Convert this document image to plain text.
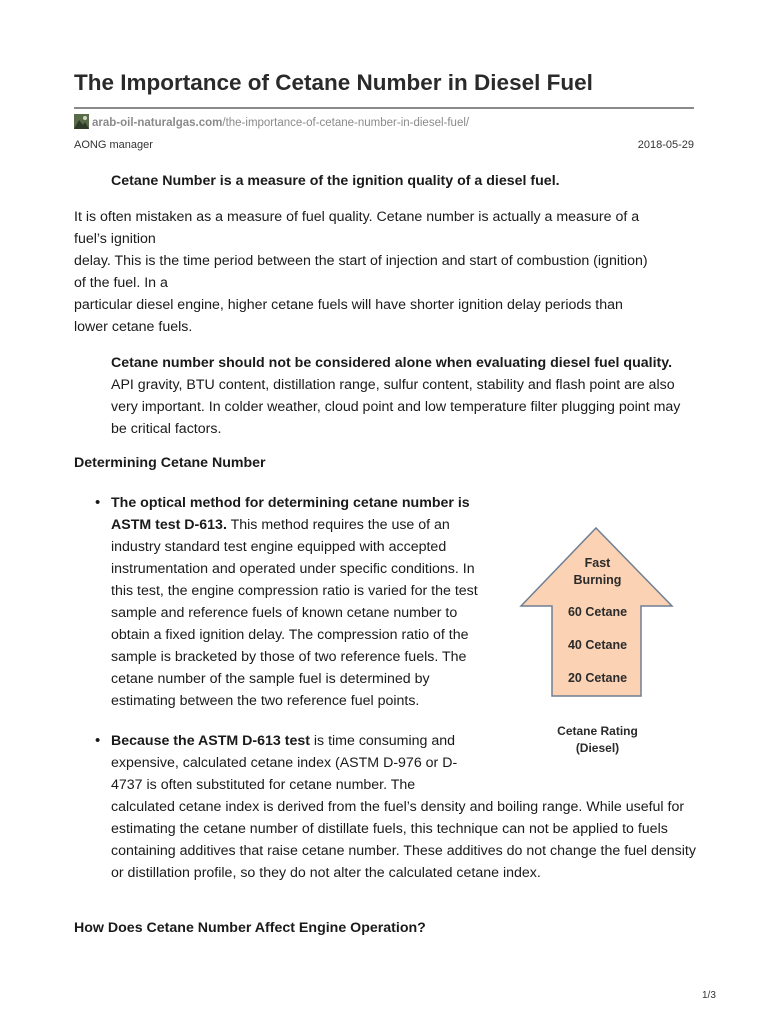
The Importance of Cetane Number in Diesel Fuel
arab-oil-naturalgas.com/the-importance-of-cetane-number-in-diesel-fuel/
AONG manager	2018-05-29

Cetane Number is a measure of the ignition quality of a diesel fuel.

It is often mistaken as a measure of fuel quality. Cetane number is actually a measure of a
fuel’s ignition
delay. This is the time period between the start of injection and start of combustion (ignition)
of the fuel. In a
particular diesel engine, higher cetane fuels will have shorter ignition delay periods than
lower cetane fuels.

Cetane number should not be considered alone when evaluating diesel fuel quality. API gravity, BTU content, distillation range, sulfur content, stability and flash point are also very important. In colder weather, cloud point and low temperature filter plugging point may be critical factors.

Determining Cetane Number
• The optical method for determining cetane number is ASTM test D-613. This method requires the use of an industry standard test engine equipped with accepted instrumentation and operated under specific conditions. In this test, the engine compression ratio is varied for the test sample and reference fuels of known cetane number to obtain a fixed ignition delay. The compression ratio of the sample is bracketed by those of two reference fuels. The cetane number of the sample fuel is determined by estimating between the two reference fuel points.

• Because the ASTM D-613 test is time consuming and expensive, calculated cetane index (ASTM D-976 or D-4737 is often substituted for cetane number. The

calculated cetane index is derived from the fuel’s density and boiling range. While useful for estimating the cetane number of distillate fuels, this technique can not be applied to fuels containing additives that raise cetane number. These additives do not change the fuel density or distillation profile, so they do not alter the calculated cetane index.

How Does Cetane Number Affect Engine Operation?
Fast
Burning
60 Cetane
40 Cetane
20 Cetane
Cetane Rating
(Diesel)
1/3
